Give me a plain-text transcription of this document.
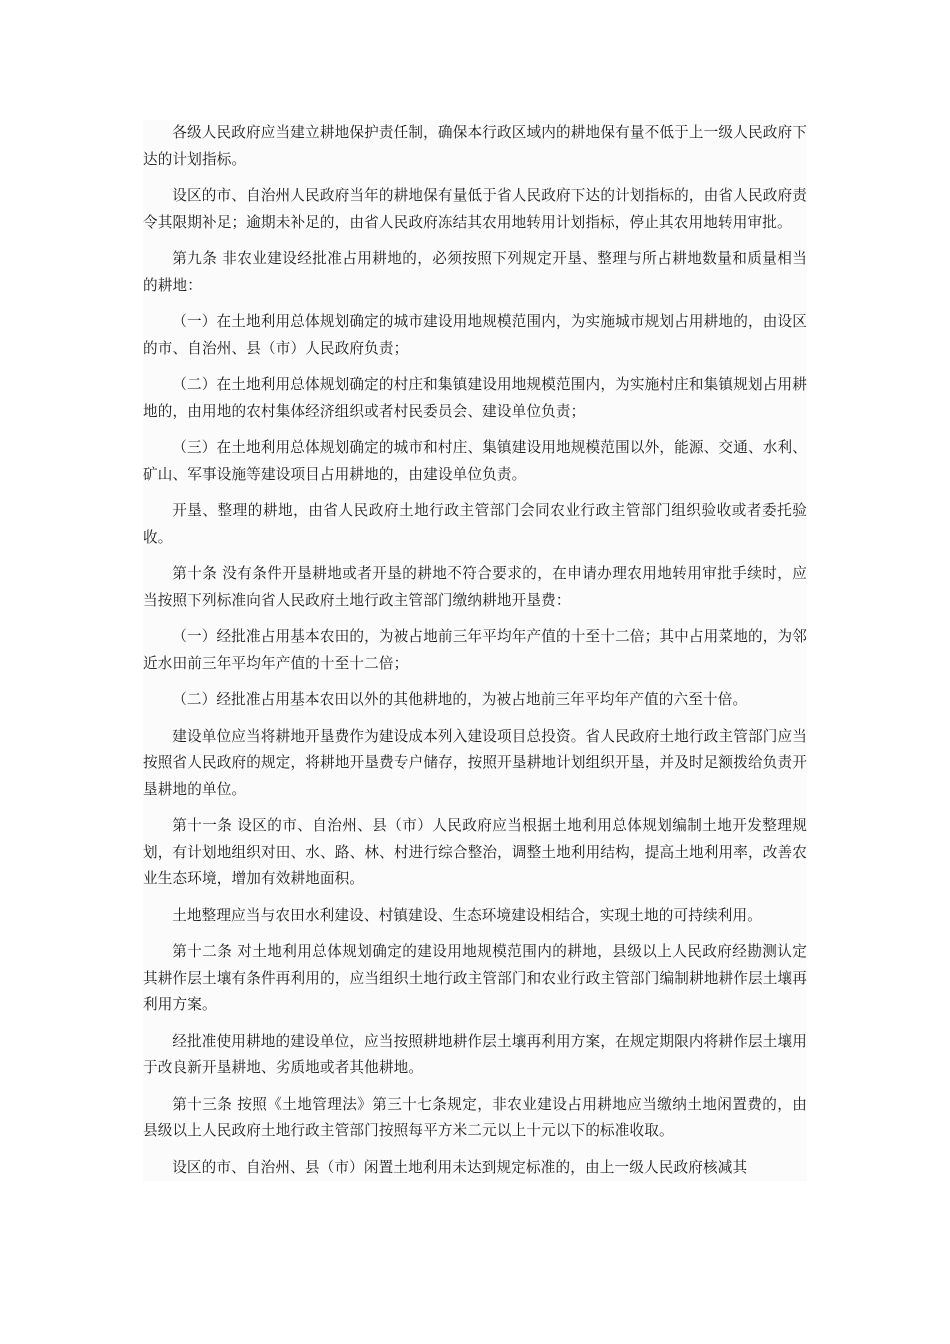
各级人民政府应当建立耕地保护责任制，确保本行政区域内的耕地保有量不低于上一级人民政府下达的计划指标。

设区的市、自治州人民政府当年的耕地保有量低于省人民政府下达的计划指标的，由省人民政府责令其限期补足；逾期未补足的，由省人民政府冻结其农用地转用计划指标，停止其农用地转用审批。

第九条 非农业建设经批准占用耕地的，必须按照下列规定开垦、整理与所占耕地数量和质量相当的耕地：

（一）在土地利用总体规划确定的城市建设用地规模范围内，为实施城市规划占用耕地的，由设区的市、自治州、县（市）人民政府负责；

（二）在土地利用总体规划确定的村庄和集镇建设用地规模范围内，为实施村庄和集镇规划占用耕地的，由用地的农村集体经济组织或者村民委员会、建设单位负责；

（三）在土地利用总体规划确定的城市和村庄、集镇建设用地规模范围以外，能源、交通、水利、矿山、军事设施等建设项目占用耕地的，由建设单位负责。

开垦、整理的耕地，由省人民政府土地行政主管部门会同农业行政主管部门组织验收或者委托验收。

第十条 没有条件开垦耕地或者开垦的耕地不符合要求的，在申请办理农用地转用审批手续时，应当按照下列标准向省人民政府土地行政主管部门缴纳耕地开垦费：

（一）经批准占用基本农田的，为被占地前三年平均年产值的十至十二倍；其中占用菜地的，为邻近水田前三年平均年产值的十至十二倍；

（二）经批准占用基本农田以外的其他耕地的，为被占地前三年平均年产值的六至十倍。

建设单位应当将耕地开垦费作为建设成本列入建设项目总投资。省人民政府土地行政主管部门应当按照省人民政府的规定，将耕地开垦费专户储存，按照开垦耕地计划组织开垦，并及时足额拨给负责开垦耕地的单位。

第十一条 设区的市、自治州、县（市）人民政府应当根据土地利用总体规划编制土地开发整理规划，有计划地组织对田、水、路、林、村进行综合整治，调整土地利用结构，提高土地利用率，改善农业生态环境，增加有效耕地面积。

土地整理应当与农田水利建设、村镇建设、生态环境建设相结合，实现土地的可持续利用。

第十二条 对土地利用总体规划确定的建设用地规模范围内的耕地，县级以上人民政府经勘测认定其耕作层土壤有条件再利用的，应当组织土地行政主管部门和农业行政主管部门编制耕地耕作层土壤再利用方案。

经批准使用耕地的建设单位，应当按照耕地耕作层土壤再利用方案，在规定期限内将耕作层土壤用于改良新开垦耕地、劣质地或者其他耕地。

第十三条 按照《土地管理法》第三十七条规定，非农业建设占用耕地应当缴纳土地闲置费的，由县级以上人民政府土地行政主管部门按照每平方米二元以上十元以下的标准收取。

设区的市、自治州、县（市）闲置土地利用未达到规定标准的，由上一级人民政府核减其
